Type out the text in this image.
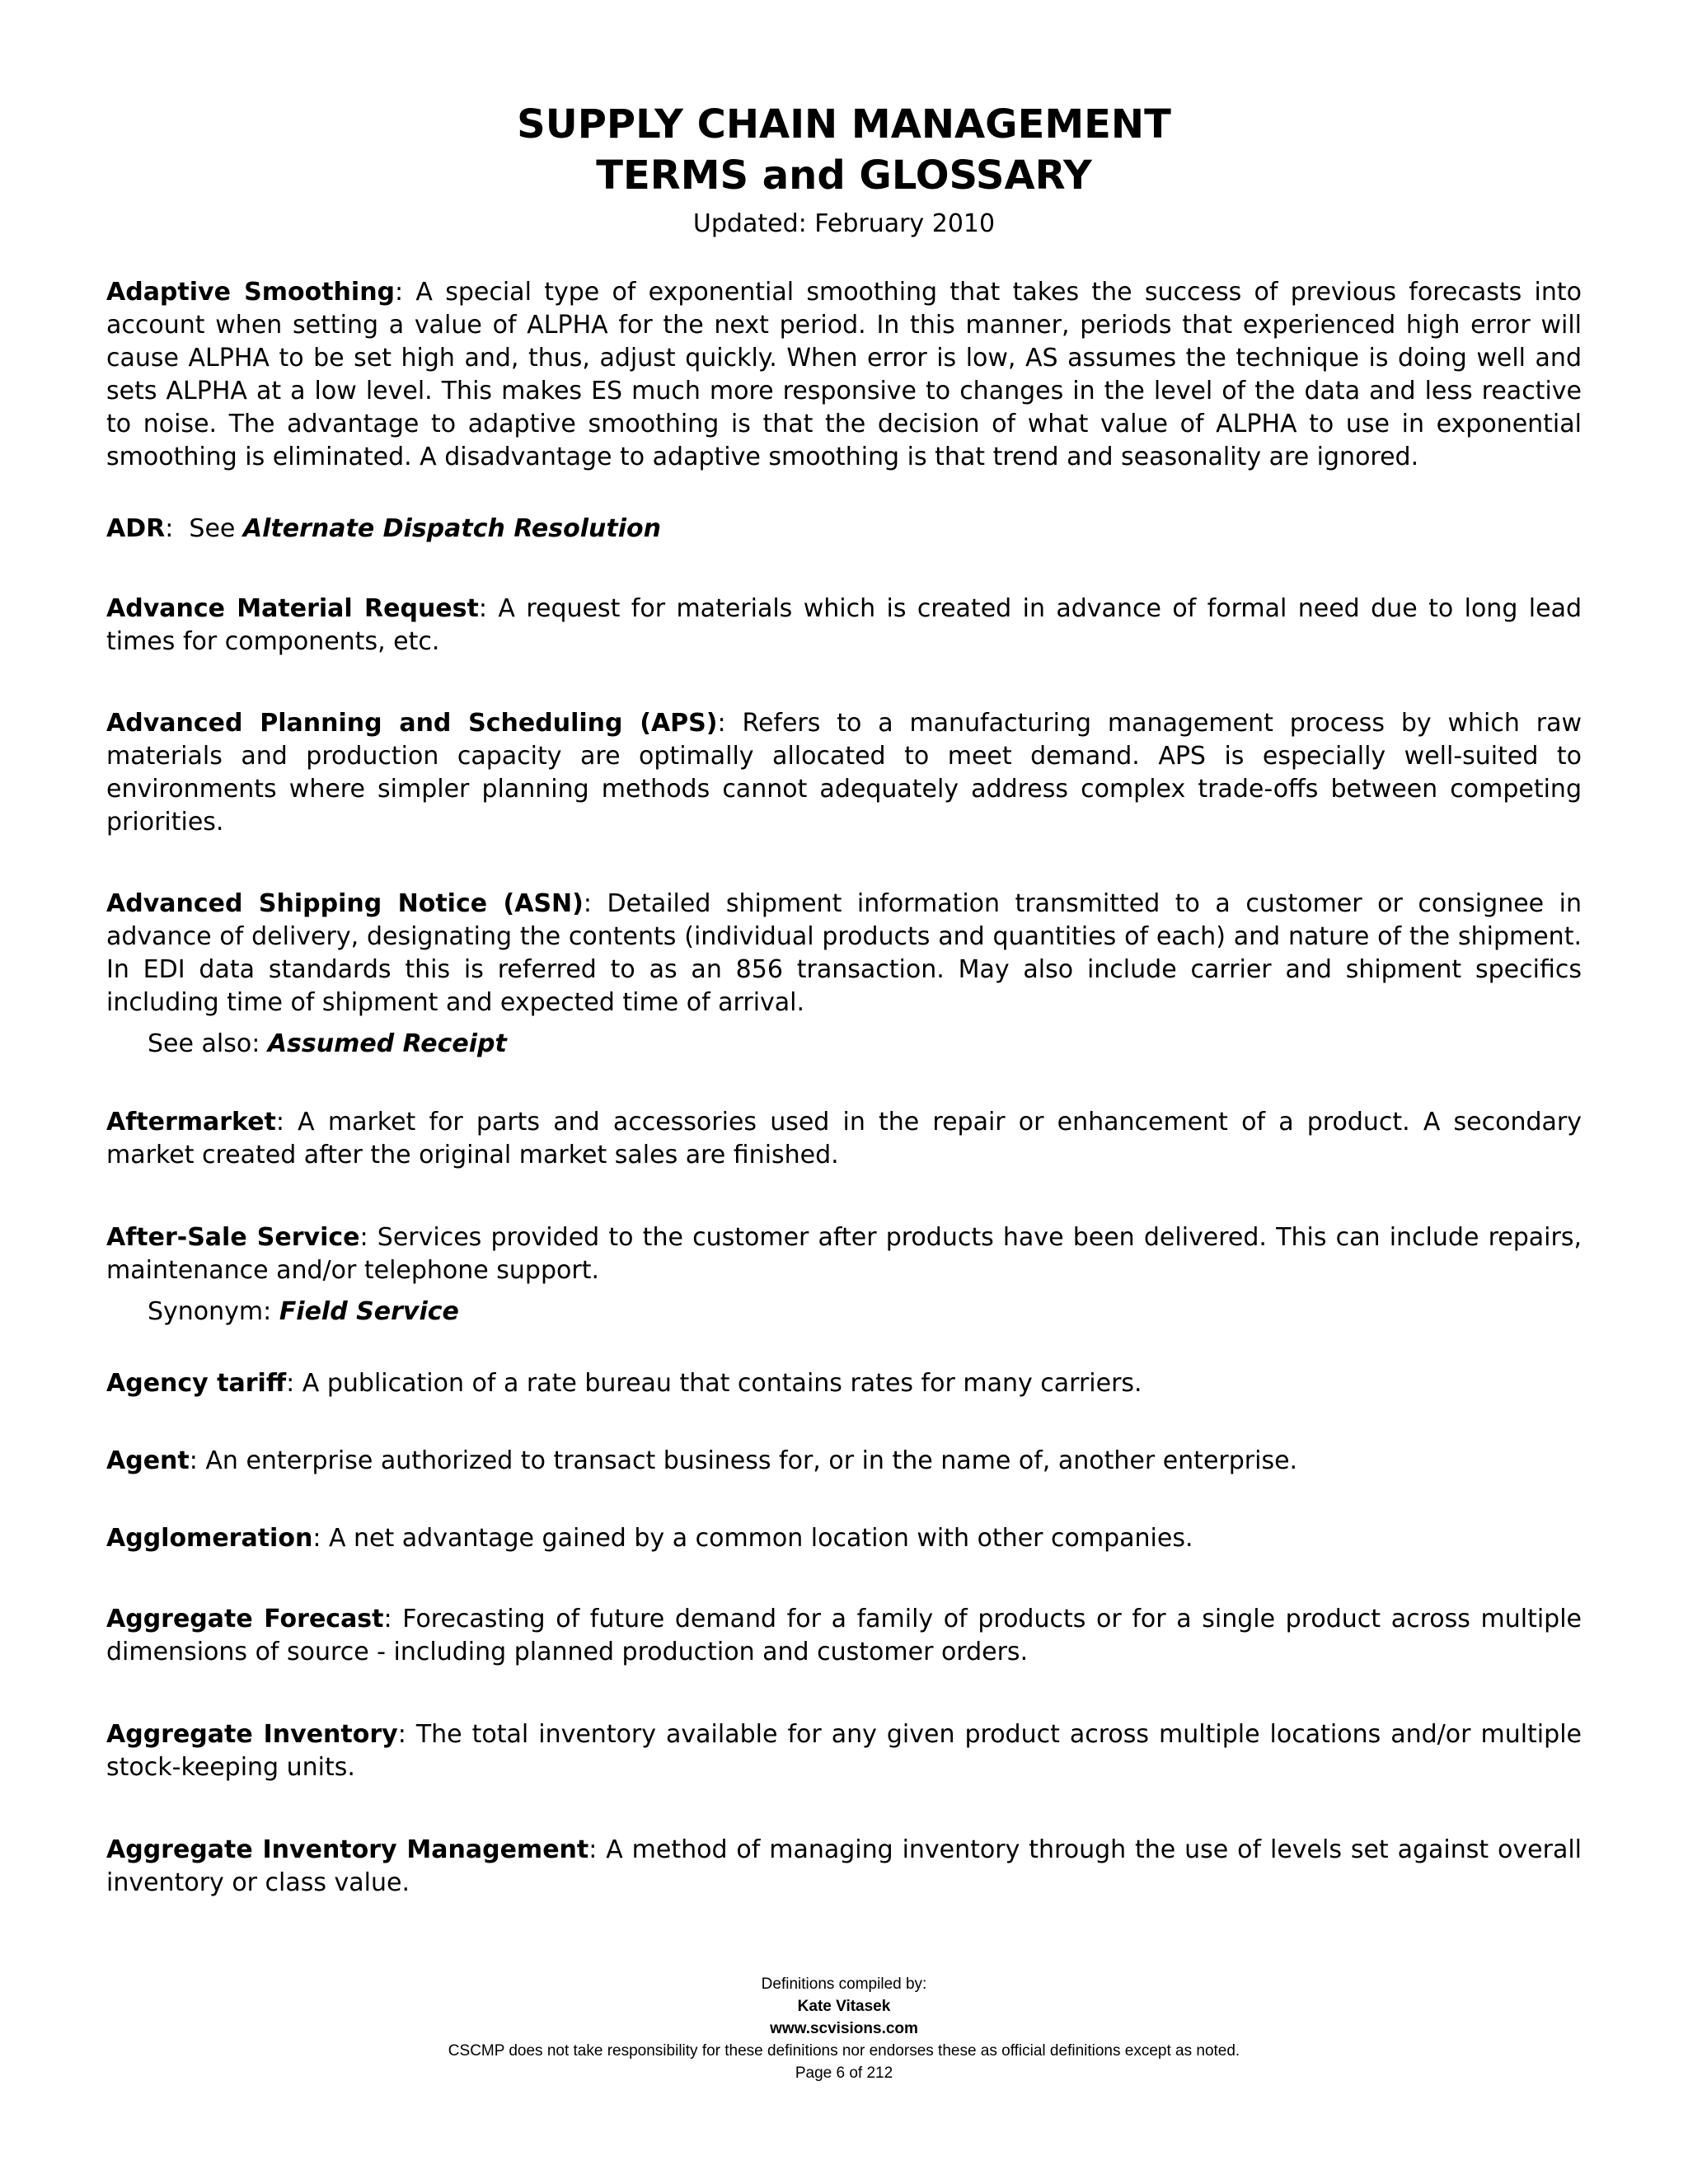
SUPPLY CHAIN MANAGEMENT
TERMS and GLOSSARY
Updated: February 2010

Adaptive Smoothing: A special type of exponential smoothing that takes the success of previous forecasts into account when setting a value of ALPHA for the next period. In this manner, periods that experienced high error will cause ALPHA to be set high and, thus, adjust quickly. When error is low, AS assumes the technique is doing well and sets ALPHA at a low level. This makes ES much more responsive to changes in the level of the data and less reactive to noise. The advantage to adaptive smoothing is that the decision of what value of ALPHA to use in exponential smoothing is eliminated. A disadvantage to adaptive smoothing is that trend and seasonality are ignored.

ADR:  See Alternate Dispatch Resolution

Advance Material Request: A request for materials which is created in advance of formal need due to long lead times for components, etc.

Advanced Planning and Scheduling (APS): Refers to a manufacturing management process by which raw materials and production capacity are optimally allocated to meet demand. APS is especially well-suited to environments where simpler planning methods cannot adequately address complex trade-offs between competing priorities.

Advanced Shipping Notice (ASN): Detailed shipment information transmitted to a customer or consignee in advance of delivery, designating the contents (individual products and quantities of each) and nature of the shipment. In EDI data standards this is referred to as an 856 transaction. May also include carrier and shipment specifics including time of shipment and expected time of arrival.

See also: Assumed Receipt

Aftermarket: A market for parts and accessories used in the repair or enhancement of a product. A secondary market created after the original market sales are finished.

After-Sale Service: Services provided to the customer after products have been delivered. This can include repairs, maintenance and/or telephone support.

Synonym: Field Service

Agency tariff: A publication of a rate bureau that contains rates for many carriers.

Agent: An enterprise authorized to transact business for, or in the name of, another enterprise.

Agglomeration: A net advantage gained by a common location with other companies.

Aggregate Forecast: Forecasting of future demand for a family of products or for a single product across multiple dimensions of source - including planned production and customer orders.

Aggregate Inventory: The total inventory available for any given product across multiple locations and/or multiple stock-keeping units.

Aggregate Inventory Management: A method of managing inventory through the use of levels set against overall inventory or class value.

Definitions compiled by:
Kate Vitasek
www.scvisions.com
CSCMP does not take responsibility for these definitions nor endorses these as official definitions except as noted.
Page 6 of 212
